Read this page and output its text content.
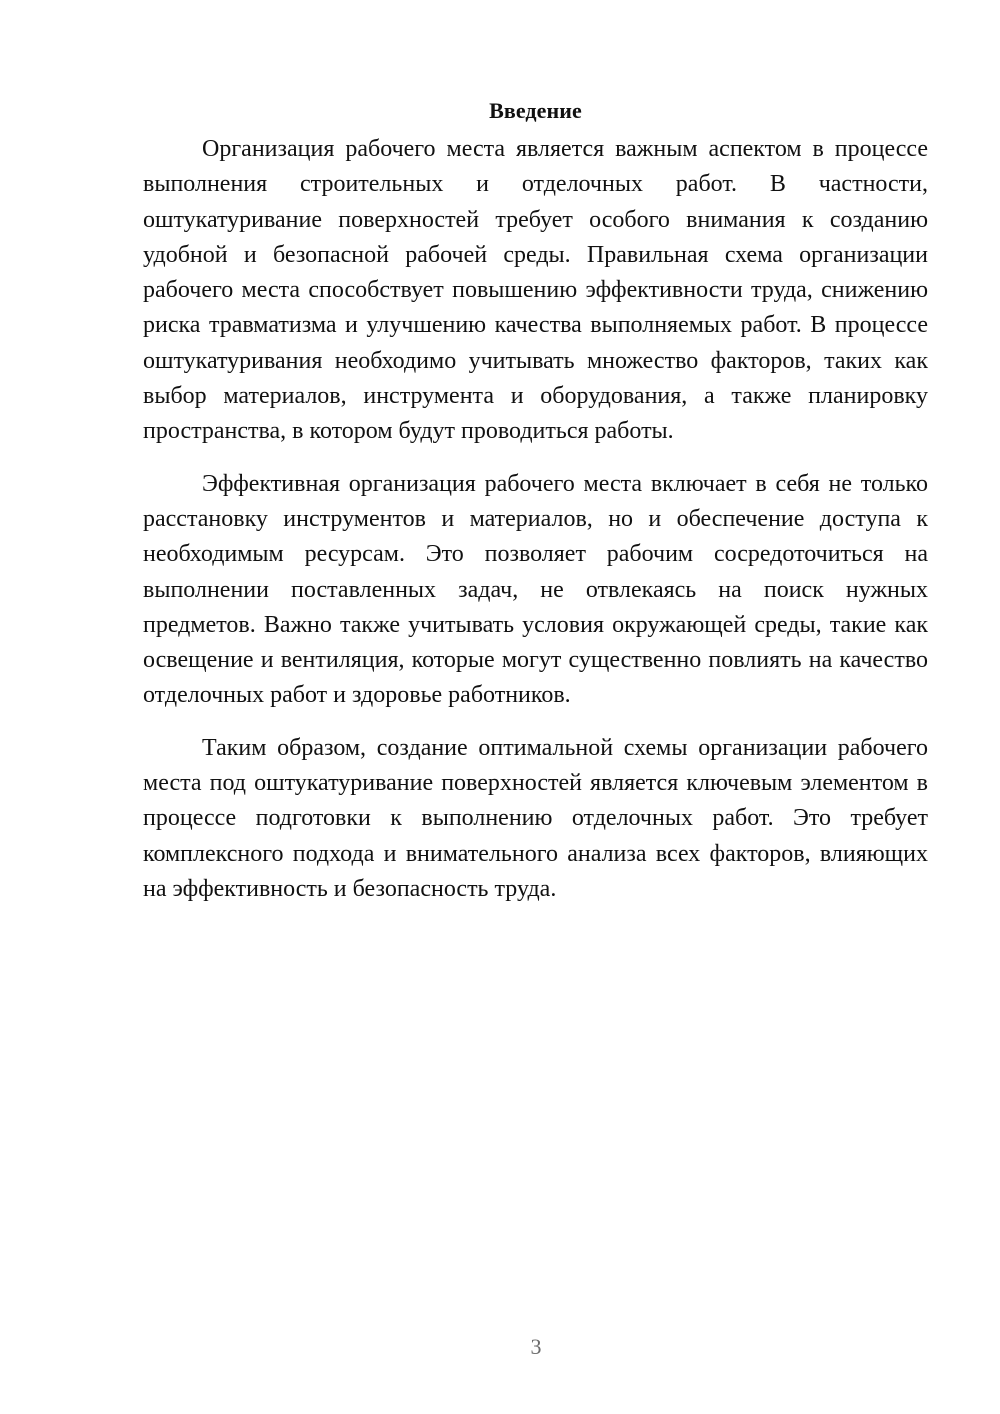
Введение

Организация рабочего места является важным аспектом в процессе выполнения строительных и отделочных работ. В частности, оштукатуривание поверхностей требует особого внимания к созданию удобной и безопасной рабочей среды. Правильная схема организации рабочего места способствует повышению эффективности труда, снижению риска травматизма и улучшению качества выполняемых работ. В процессе оштукатуривания необходимо учитывать множество факторов, таких как выбор материалов, инструмента и оборудования, а также планировку пространства, в котором будут проводиться работы.

Эффективная организация рабочего места включает в себя не только расстановку инструментов и материалов, но и обеспечение доступа к необходимым ресурсам. Это позволяет рабочим сосредоточиться на выполнении поставленных задач, не отвлекаясь на поиск нужных предметов. Важно также учитывать условия окружающей среды, такие как освещение и вентиляция, которые могут существенно повлиять на качество отделочных работ и здоровье работников.

Таким образом, создание оптимальной схемы организации рабочего места под оштукатуривание поверхностей является ключевым элементом в процессе подготовки к выполнению отделочных работ. Это требует комплексного подхода и внимательного анализа всех факторов, влияющих на эффективность и безопасность труда.

3
